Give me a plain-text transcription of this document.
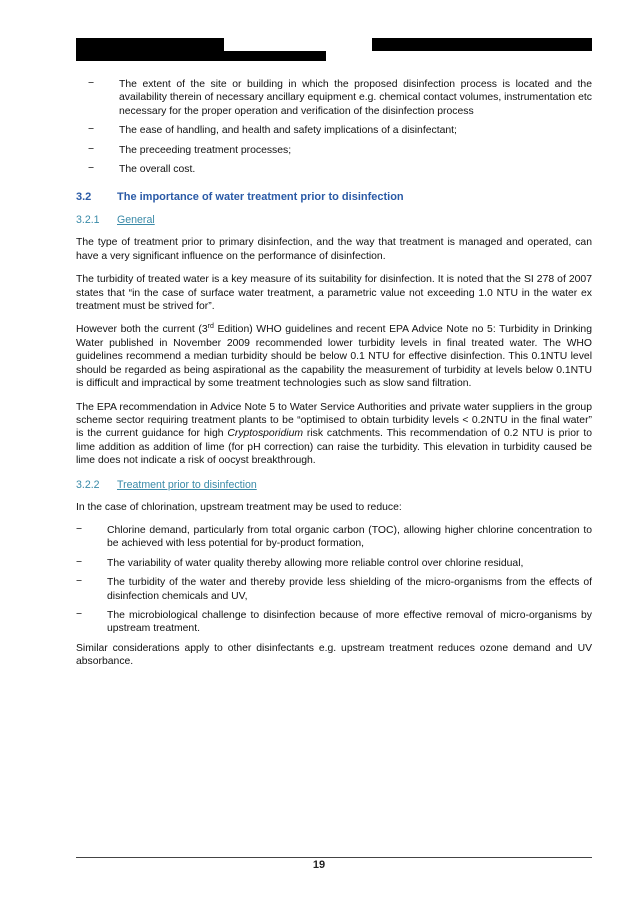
−	The extent of the site or building in which the proposed disinfection process is located and the availability therein of necessary ancillary equipment e.g. chemical contact volumes, instrumentation etc necessary for the proper operation and verification of the disinfection process

−	The ease of handling, and health and safety implications of a disinfectant;

−	The preceeding treatment processes;

−	The overall cost.

3.2 The importance of water treatment prior to disinfection
3.2.1 General

The type of treatment prior to primary disinfection, and the way that treatment is managed and operated, can have a very significant influence on the performance of disinfection.

The turbidity of treated water is a key measure of its suitability for disinfection. It is noted that the SI 278 of 2007 states that “in the case of surface water treatment, a parametric value not exceeding 1.0 NTU in the water ex treatment must be strived for”.

However both the current (3rd Edition) WHO guidelines and recent EPA Advice Note no 5: Turbidity in Drinking Water published in November 2009 recommended lower turbidity levels in final treated water. The WHO guidelines recommend a median turbidity should be below 0.1 NTU for effective disinfection. This 0.1NTU level should be regarded as being aspirational as the capability the measurement of turbidity at levels below 0.1NTU is difficult and impractical by some treatment technologies such as slow sand filtration.

The EPA recommendation in Advice Note 5 to Water Service Authorities and private water suppliers in the group scheme sector requiring treatment plants to be “optimised to obtain turbidity levels < 0.2NTU in the final water” is the current guidance for high Cryptosporidium risk catchments. This recommendation of 0.2 NTU is prior to lime addition as addition of lime (for pH correction) can raise the turbidity. This elevation in turbidity caused be lime does not indicate a risk of oocyst breakthrough.

3.2.2 Treatment prior to disinfection

In the case of chlorination, upstream treatment may be used to reduce:

−	Chlorine demand, particularly from total organic carbon (TOC), allowing higher chlorine concentration to be achieved with less potential for by-product formation,

−	The variability of water quality thereby allowing more reliable control over chlorine residual,

−	The turbidity of the water and thereby provide less shielding of the micro-organisms from the effects of disinfection chemicals and UV,

−	The microbiological challenge to disinfection because of more effective removal of micro-organisms by upstream treatment.

Similar considerations apply to other disinfectants e.g. upstream treatment reduces ozone demand and UV absorbance.

19
